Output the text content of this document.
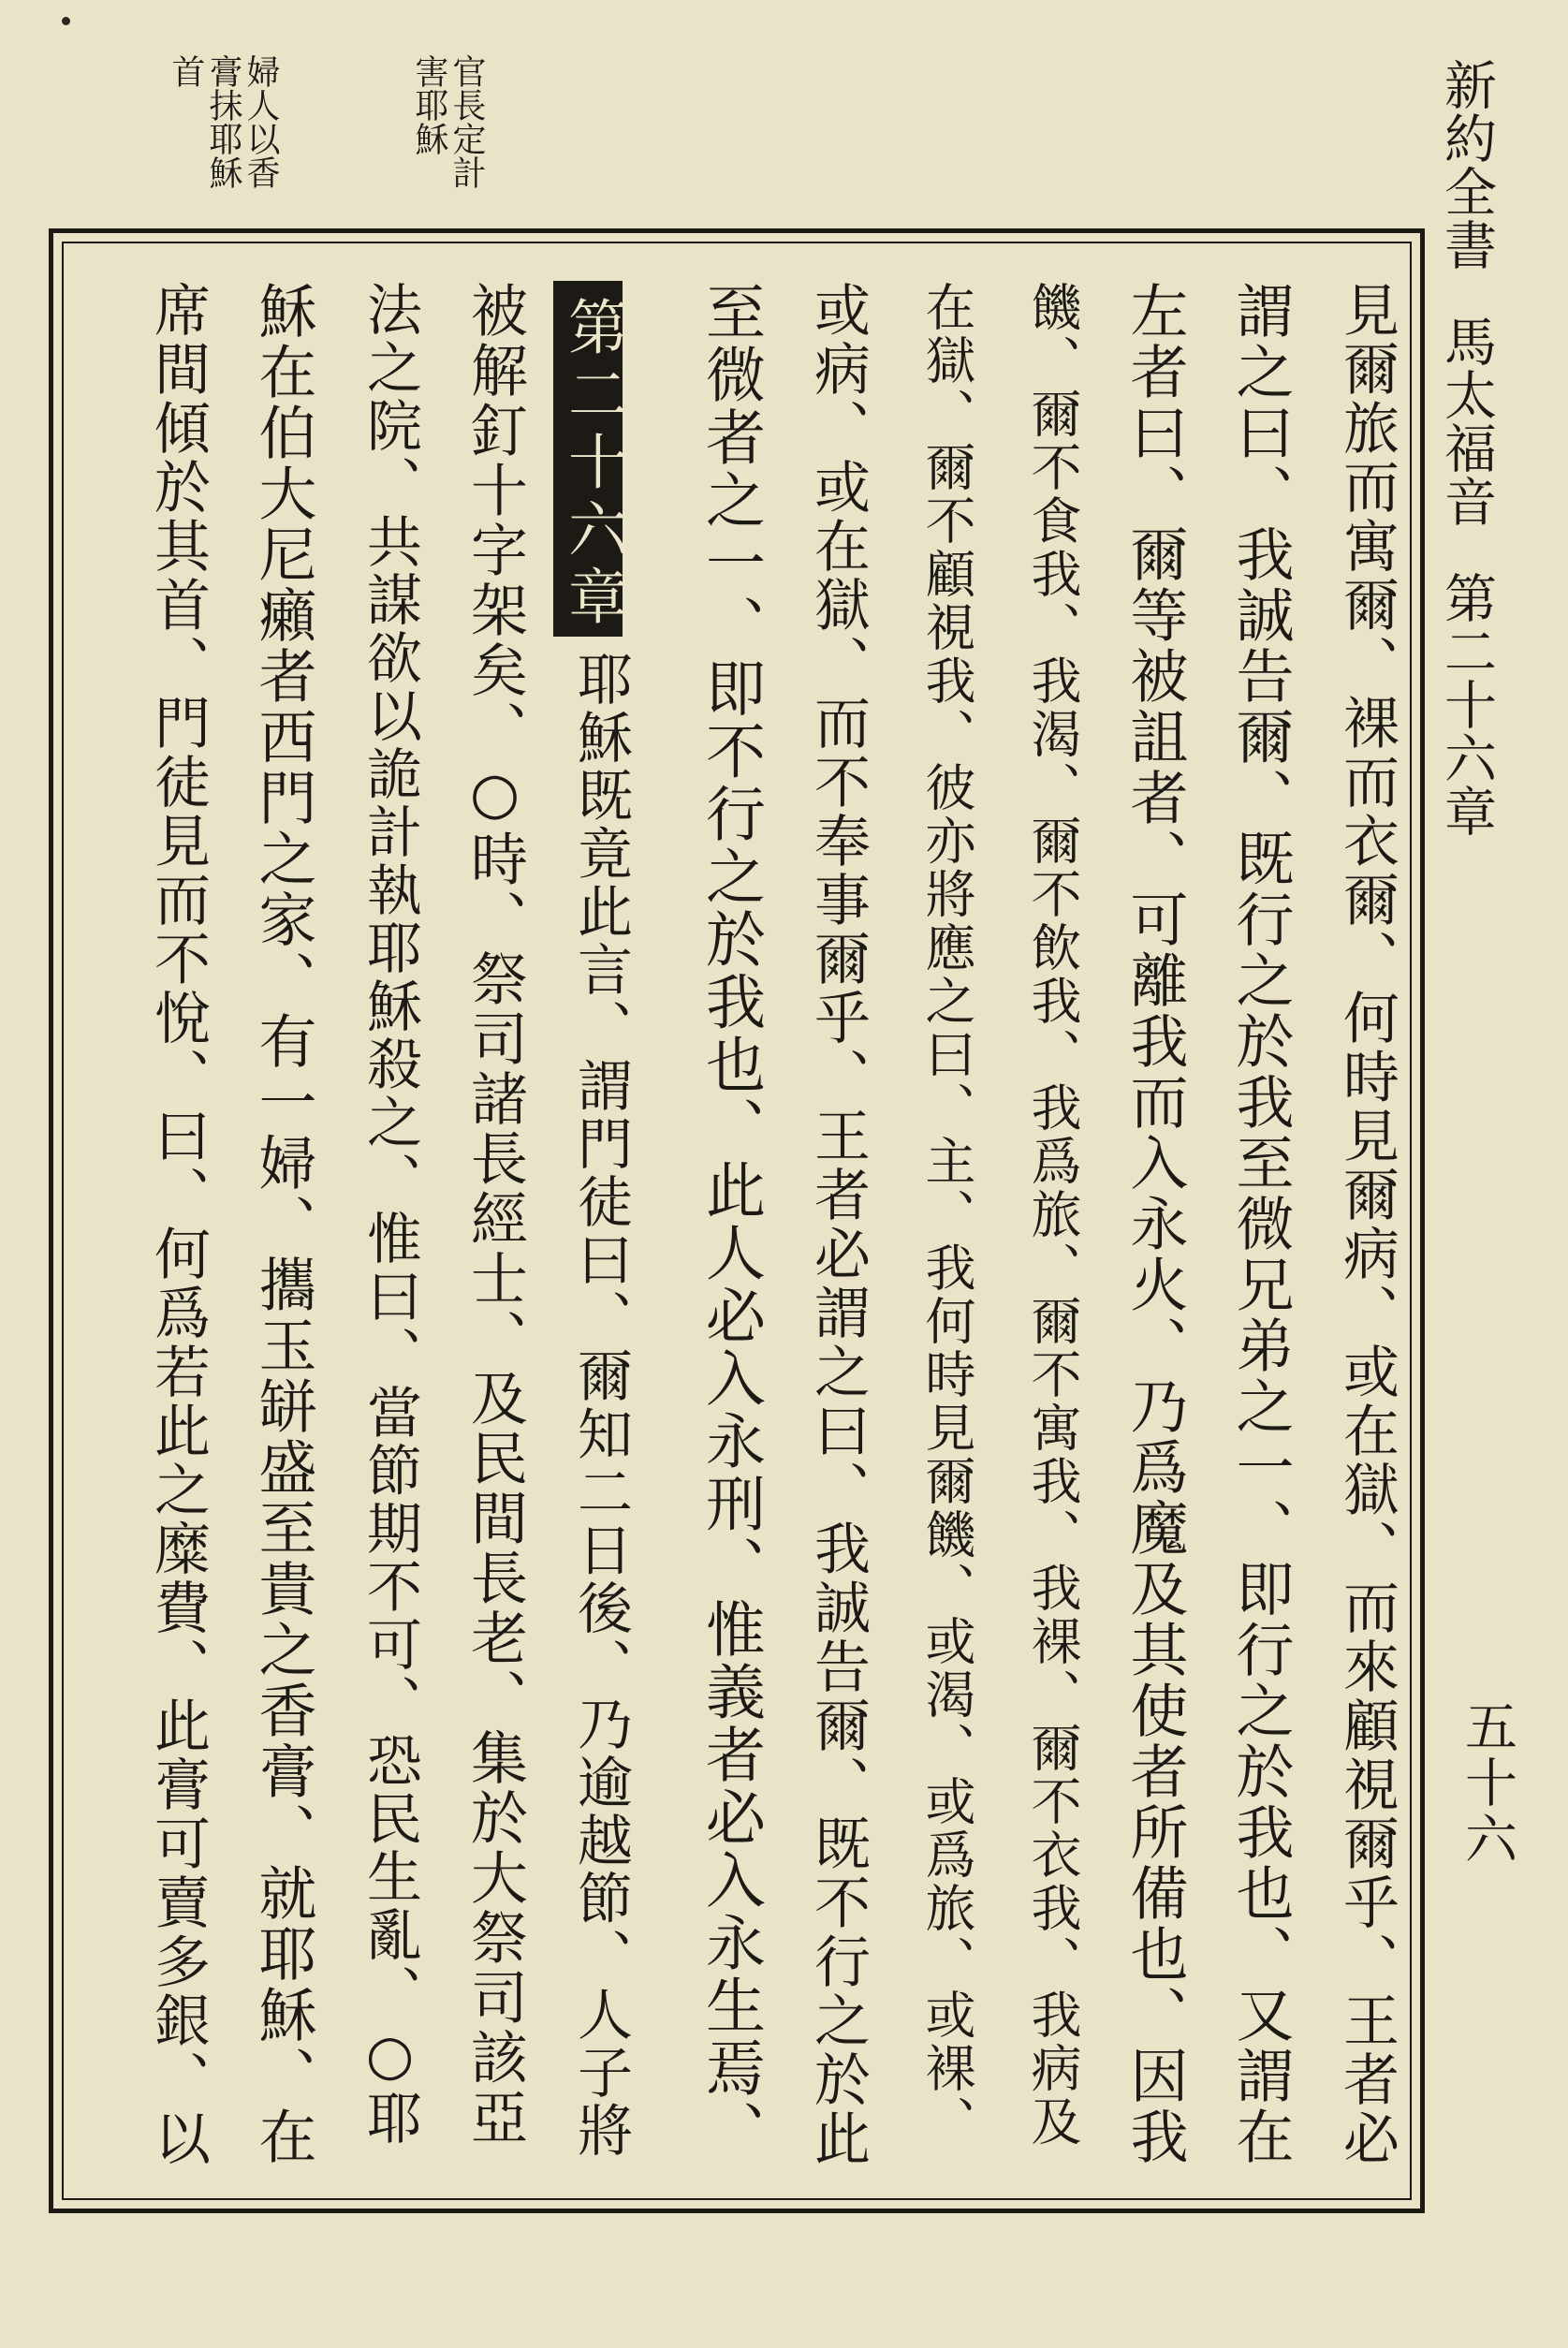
新約全書馬太福音第二十六章
五十六
官長定計
害耶穌
婦人以香
膏抹耶穌
首
見爾旅而寓爾、裸而衣爾、何時見爾病、或在獄、而來顧視爾乎、王者必
謂之曰、我誠告爾、既行之於我至微兄弟之一、即行之於我也、又謂在
左者曰、爾等被詛者、可離我而入永火、乃爲魔及其使者所備也、因我
饑、爾不食我、我渴、爾不飲我、我爲旅、爾不寓我、我裸、爾不衣我、我病及
在獄、爾不顧視我、彼亦將應之曰、主、我何時見爾饑、或渴、或爲旅、或裸、
或病、或在獄、而不奉事爾乎、王者必謂之曰、我誠告爾、既不行之於此
至微者之一、即不行之於我也、此人必入永刑、惟義者必入永生焉、
第二十六章
耶穌既竟此言、謂門徒曰、爾知二日後、乃逾越節、人子將
被解釘十字架矣、○時、祭司諸長經士、及民間長老、集於大祭司該亞
法之院、共謀欲以詭計執耶穌殺之、惟曰、當節期不可、恐民生亂、○耶
穌在伯大尼癩者西門之家、有一婦、攜玉缾盛至貴之香膏、就耶穌、在
席間傾於其首、門徒見而不悅、曰、何爲若此之糜費、此膏可賣多銀、以
